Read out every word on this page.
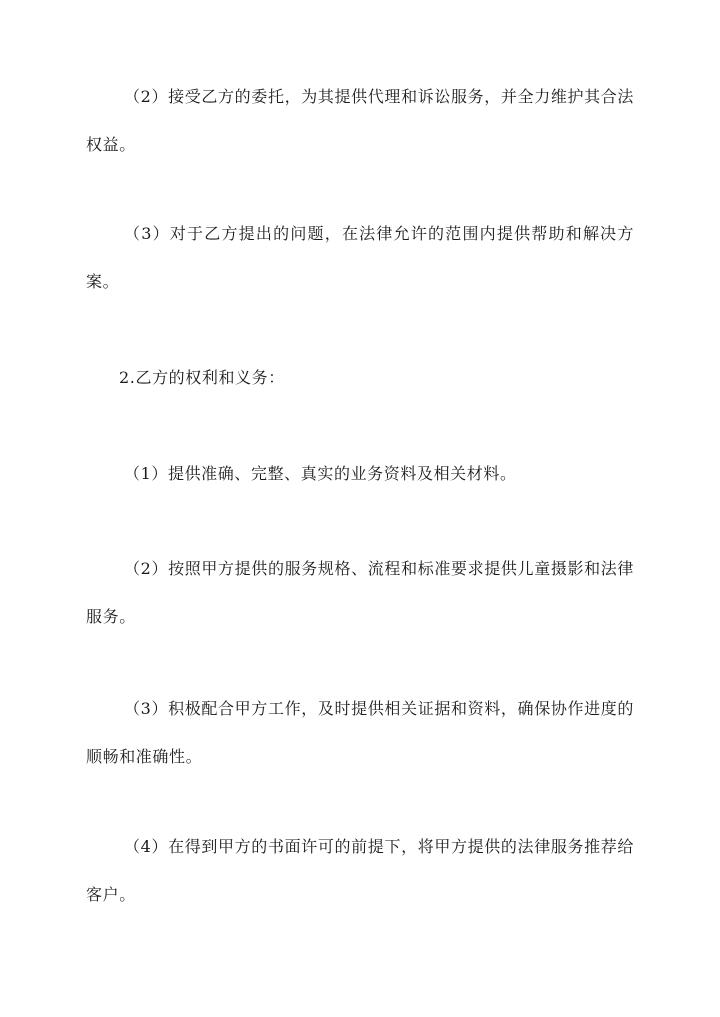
（2）接受乙方的委托，为其提供代理和诉讼服务，并全力维护其合法权益。

（3）对于乙方提出的问题，在法律允许的范围内提供帮助和解决方案。

2.乙方的权利和义务：

（1）提供准确、完整、真实的业务资料及相关材料。

（2）按照甲方提供的服务规格、流程和标准要求提供儿童摄影和法律服务。

（3）积极配合甲方工作，及时提供相关证据和资料，确保协作进度的顺畅和准确性。

（4）在得到甲方的书面许可的前提下，将甲方提供的法律服务推荐给客户。
